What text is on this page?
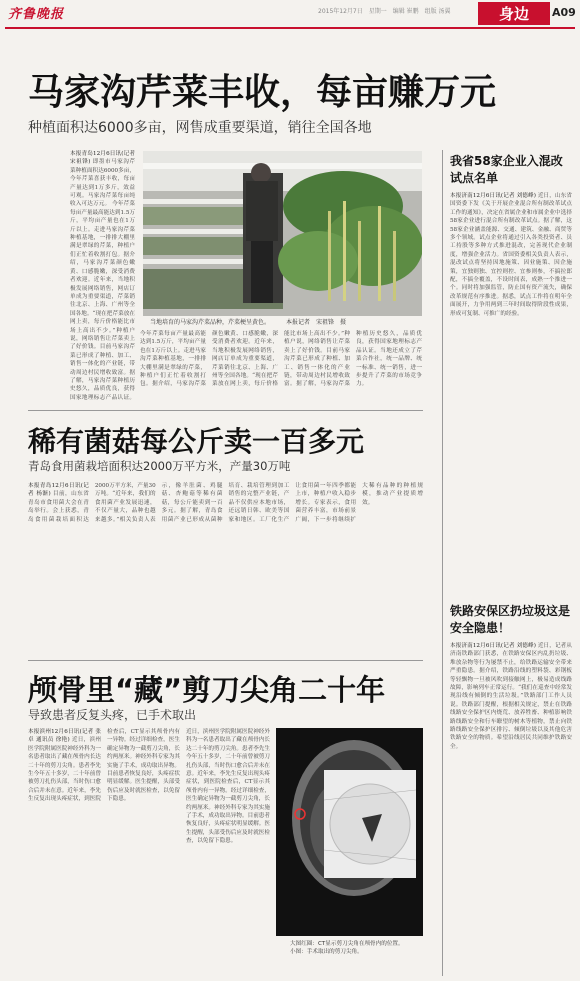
齐鲁晚报	2015年12月7日　星期一　编辑 崔鹏　组版 汤翼	身边 A09
马家沟芹菜丰收，每亩赚万元
种植面积达6000多亩，网售成重要渠道，销往全国各地
本报青岛12月6日讯(记者 宋祖锋) 即墨市马家沟芹菜种植面积达6000多亩，今年芹菜喜获丰收，每亩产量达到1万多斤，效益可观。马家沟芹菜每亩纯收入可达万元。 今年芹菜每亩产量最高能达到1.5万斤，平均亩产量也在1万斤以上。走进马家沟芹菜种植基地，一排排大棚里满是翠绿的芹菜，种植户们正忙着收割打包。据介绍，马家沟芹菜颜色嫩黄、口感脆嫩，深受消费者欢迎。近年来，当地积极发展网络销售，网店订单成为重要渠道，芹菜销往北京、上海、广州等全国各地。“现在把芹菜放在网上卖，每斤价格能比市场上高出不少。”种植户说，网络销售让芹菜卖上了好价钱。目前马家沟芹菜已形成了种植、加工、销售一体化的产业链，带动周边村民增收致富。据了解，马家沟芹菜种植历史悠久，品质优良，获得国家地理标志产品认证。
当地培育的马家沟芹菜品种，芹菜梗呈黄色。	本报记者　宋祖锋　摄
今年芹菜每亩产量最高能达到1.5万斤，平均亩产量也在1万斤以上。走进马家沟芹菜种植基地，一排排大棚里满是翠绿的芹菜，种植户们正忙着收割打包。据介绍，马家沟芹菜颜色嫩黄、口感脆嫩，深受消费者欢迎。近年来，当地积极发展网络销售，网店订单成为重要渠道，芹菜销往北京、上海、广州等全国各地。“现在把芹菜放在网上卖，每斤价格能比市场上高出不少。”种植户说，网络销售让芹菜卖上了好价钱。目前马家沟芹菜已形成了种植、加工、销售一体化的产业链，带动周边村民增收致富。据了解，马家沟芹菜种植历史悠久，品质优良，获得国家地理标志产品认证。当地还成立了芹菜合作社，统一品牌、统一标准、统一销售，进一步提升了芹菜的市场竞争力。
稀有菌菇每公斤卖一百多元
青岛食用菌栽培面积达2000万平方米，产量30万吨
本报青岛12月6日讯(记者 杨渐) 目前，山东省青岛市食用菌大会在青岛举行。会上获悉，青岛食用菌栽培面积达2000万平方米，产量30万吨。“近年来，我们的食用菌产业发展迅速，不仅产量大，品种也越来越多。”相关负责人表示，像羊肚菌、鸡腿菇、杏鲍菇等稀有菌菇，每公斤能卖到一百多元。据了解，青岛食用菌产业已形成从菌种培育、栽培管理到加工销售的完整产业链，产品不仅供应本地市场，还远销日韩、欧美等国家和地区。工厂化生产让食用菌一年四季都能上市，种植户收入稳步增长。专家表示，食用菌营养丰富，市场前景广阔，下一步将继续扩大稀有品种的种植规模，推动产业提质增效。
颅骨里“藏”剪刀尖角二十年
导致患者反复头疼，已手术取出
本报滨州12月6日讯(记者 张卓 通讯员 徐艳) 近日，滨州医学院附属医院神经外科为一名患者取出了藏在颅骨内长达二十年的剪刀尖角。患者李先生今年五十多岁，二十年前曾被剪刀扎伤头部，当时伤口愈合后并未在意。近年来，李先生反复出现头疼症状，到医院检查后，CT显示其颅骨内有一异物。经过详细检查，医生确定异物为一截剪刀尖角，长约两厘米。神经外科专家为其实施了手术，成功取出异物。目前患者恢复良好，头疼症状明显缓解。医生提醒，头部受伤后应及时就医检查，以免留下隐患。
大图红圈：CT显示剪刀尖角在颅骨内的位置。
小图：手术取出的剪刀尖角。
近日，滨州医学院附属医院神经外科为一名患者取出了藏在颅骨内长达二十年的剪刀尖角。患者李先生今年五十多岁，二十年前曾被剪刀扎伤头部，当时伤口愈合后并未在意。近年来，李先生反复出现头疼症状，到医院检查后，CT显示其颅骨内有一异物。经过详细检查，医生确定异物为一截剪刀尖角，长约两厘米。神经外科专家为其实施了手术，成功取出异物。目前患者恢复良好，头疼症状明显缓解。医生提醒，头部受伤后应及时就医检查，以免留下隐患。
我省58家企业入混改试点名单
本报济南12月6日讯(记者 刘德峰) 近日，山东省国资委下发《关于开展企业混合所有制改革试点工作的通知》，决定在省属企业和市属企业中选择58家企业进行混合所有制改革试点。据了解，这58家企业涵盖能源、交通、建筑、金融、商贸等多个领域。试点企业将通过引入各类投资者、员工持股等多种方式推进混改，完善现代企业制度，增强企业活力。省国资委相关负责人表示，混改试点将坚持因地施策、因业施策、因企施策，宜独则独、宜控则控、宜参则参，不搞拉郎配，不搞全覆盖，不设时间表，成熟一个推进一个。同时将加强监管，防止国有资产流失，确保改革规范有序推进。据悉，试点工作将在明年全面展开，力争用两到三年时间取得阶段性成果，形成可复制、可推广的经验。
铁路安保区扔垃圾这是安全隐患！
本报济南12月6日讯(记者 刘德峰) 近日，记者从济南铁路部门获悉，在铁路安保区内乱扔垃圾、堆放杂物等行为屡禁不止，给铁路运输安全带来严重隐患。据介绍，铁路沿线的塑料袋、彩钢板等轻飘物一旦被风吹到接触网上，极易造成线路故障，影响列车正常运行。“我们在巡查中经常发现沿线有倾倒的生活垃圾。”铁路部门工作人员说。铁路部门提醒，根据相关规定，禁止在铁路线路安全保护区内烧荒、放养牲畜、种植影响铁路线路安全和行车瞭望的树木等植物，禁止向铁路线路安全保护区排污、倾倒垃圾以及其他危害铁路安全的物质。希望沿线居民共同维护铁路安全。
